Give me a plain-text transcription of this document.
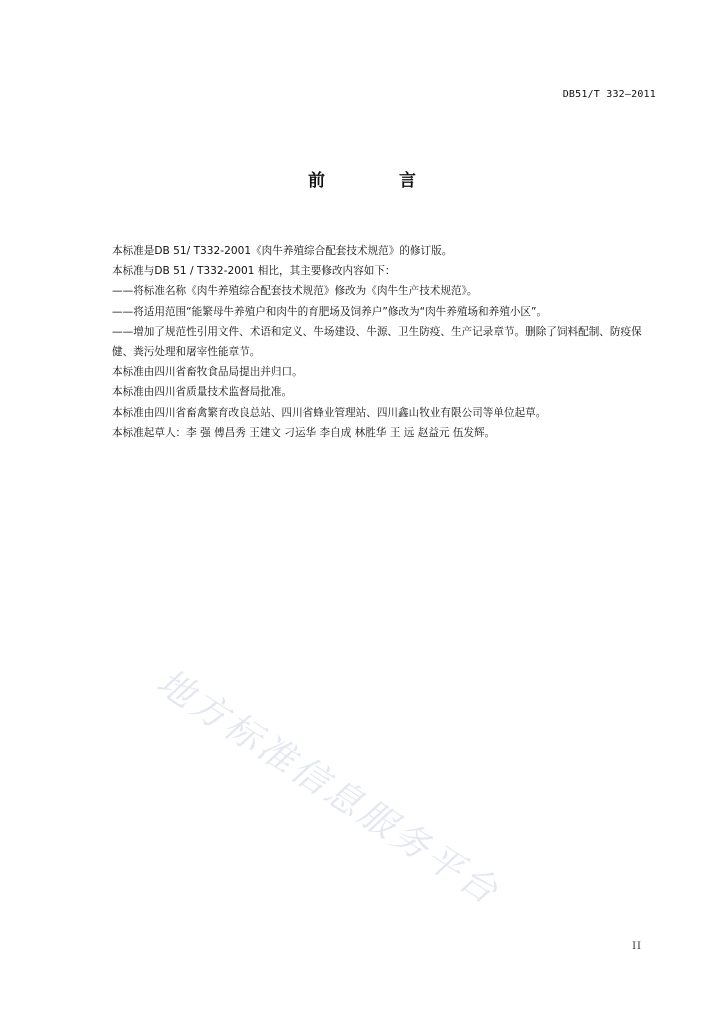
DB51/T 332—2011
前 言

本标准是DB 51/ T332-2001《肉牛养殖综合配套技术规范》的修订版。

本标准与DB 51 / T332-2001 相比，其主要修改内容如下：

——将标准名称《肉牛养殖综合配套技术规范》修改为《肉牛生产技术规范》。

——将适用范围“能繁母牛养殖户和肉牛的育肥场及饲养户”修改为“肉牛养殖场和养殖小区”。

——增加了规范性引用文件、术语和定义、牛场建设、牛源、卫生防疫、生产记录章节。删除了饲料配制、防疫保健、粪污处理和屠宰性能章节。

本标准由四川省畜牧食品局提出并归口。

本标准由四川省质量技术监督局批准。

本标准由四川省畜禽繁育改良总站、四川省蜂业管理站、四川鑫山牧业有限公司等单位起草。

本标准起草人：李 强 傅昌秀 王建文 刁运华 李自成 林胜华 王 远 赵益元 伍发辉。

地方标准信息服务平台
II
